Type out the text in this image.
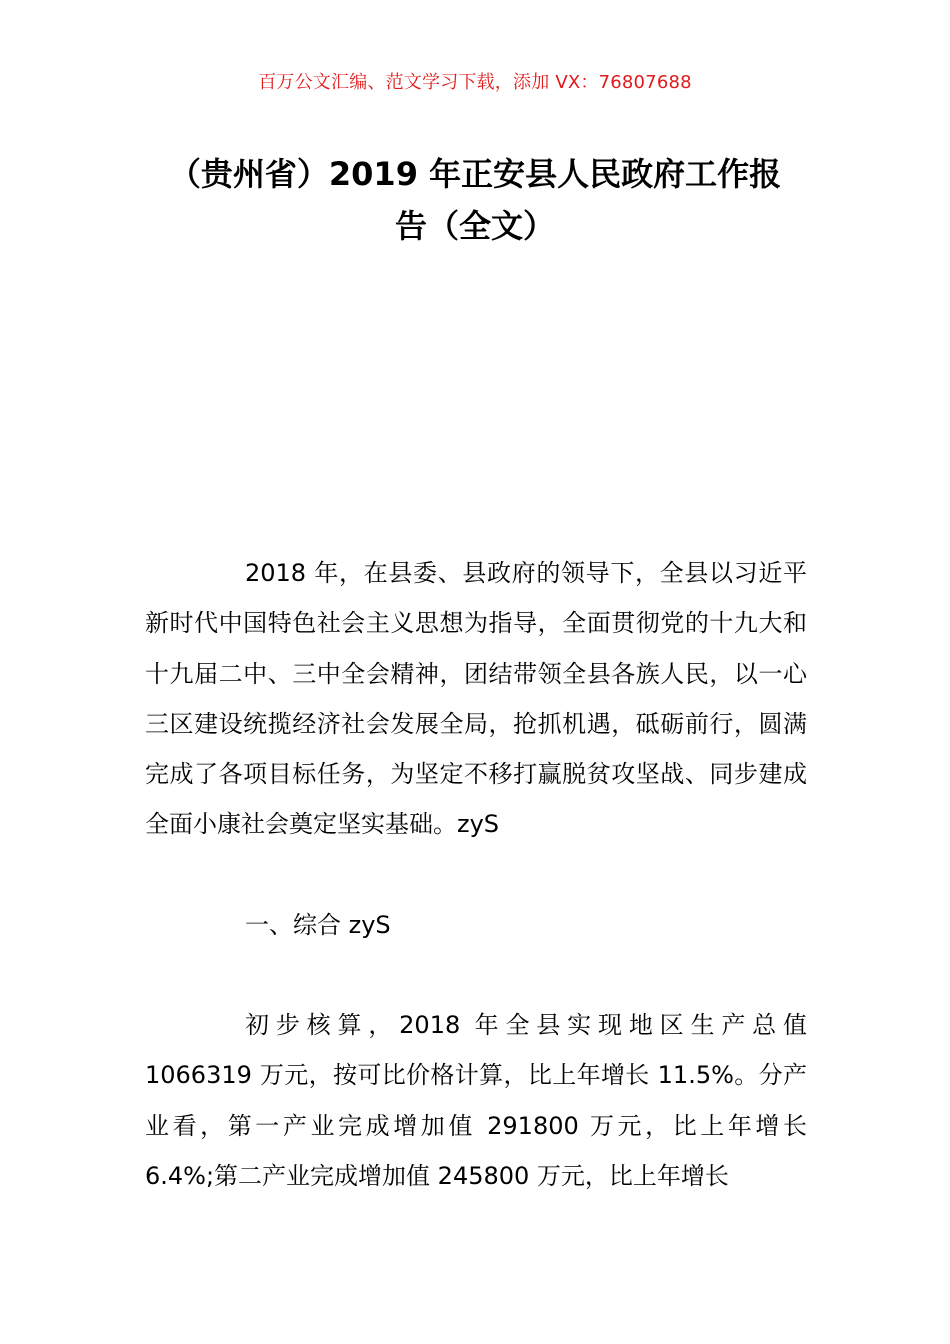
百万公文汇编、范文学习下载，添加 VX：76807688
（贵州省）2019 年正安县人民政府工作报
告（全文）

2018 年，在县委、县政府的领导下，全县以习近平新时代中国特色社会主义思想为指导，全面贯彻党的十九大和十九届二中、三中全会精神，团结带领全县各族人民，以一心三区建设统揽经济社会发展全局，抢抓机遇，砥砺前行，圆满完成了各项目标任务，为坚定不移打赢脱贫攻坚战、同步建成全面小康社会奠定坚实基础。zyS

一、综合 zyS

初步核算，2018 年全县实现地区生产总值 1066319 万元，按可比价格计算，比上年增长 11.5%。分产业看，第一产业完成增加值 291800 万元，比上年增长 6.4%;第二产业完成增加值 245800 万元，比上年增长
